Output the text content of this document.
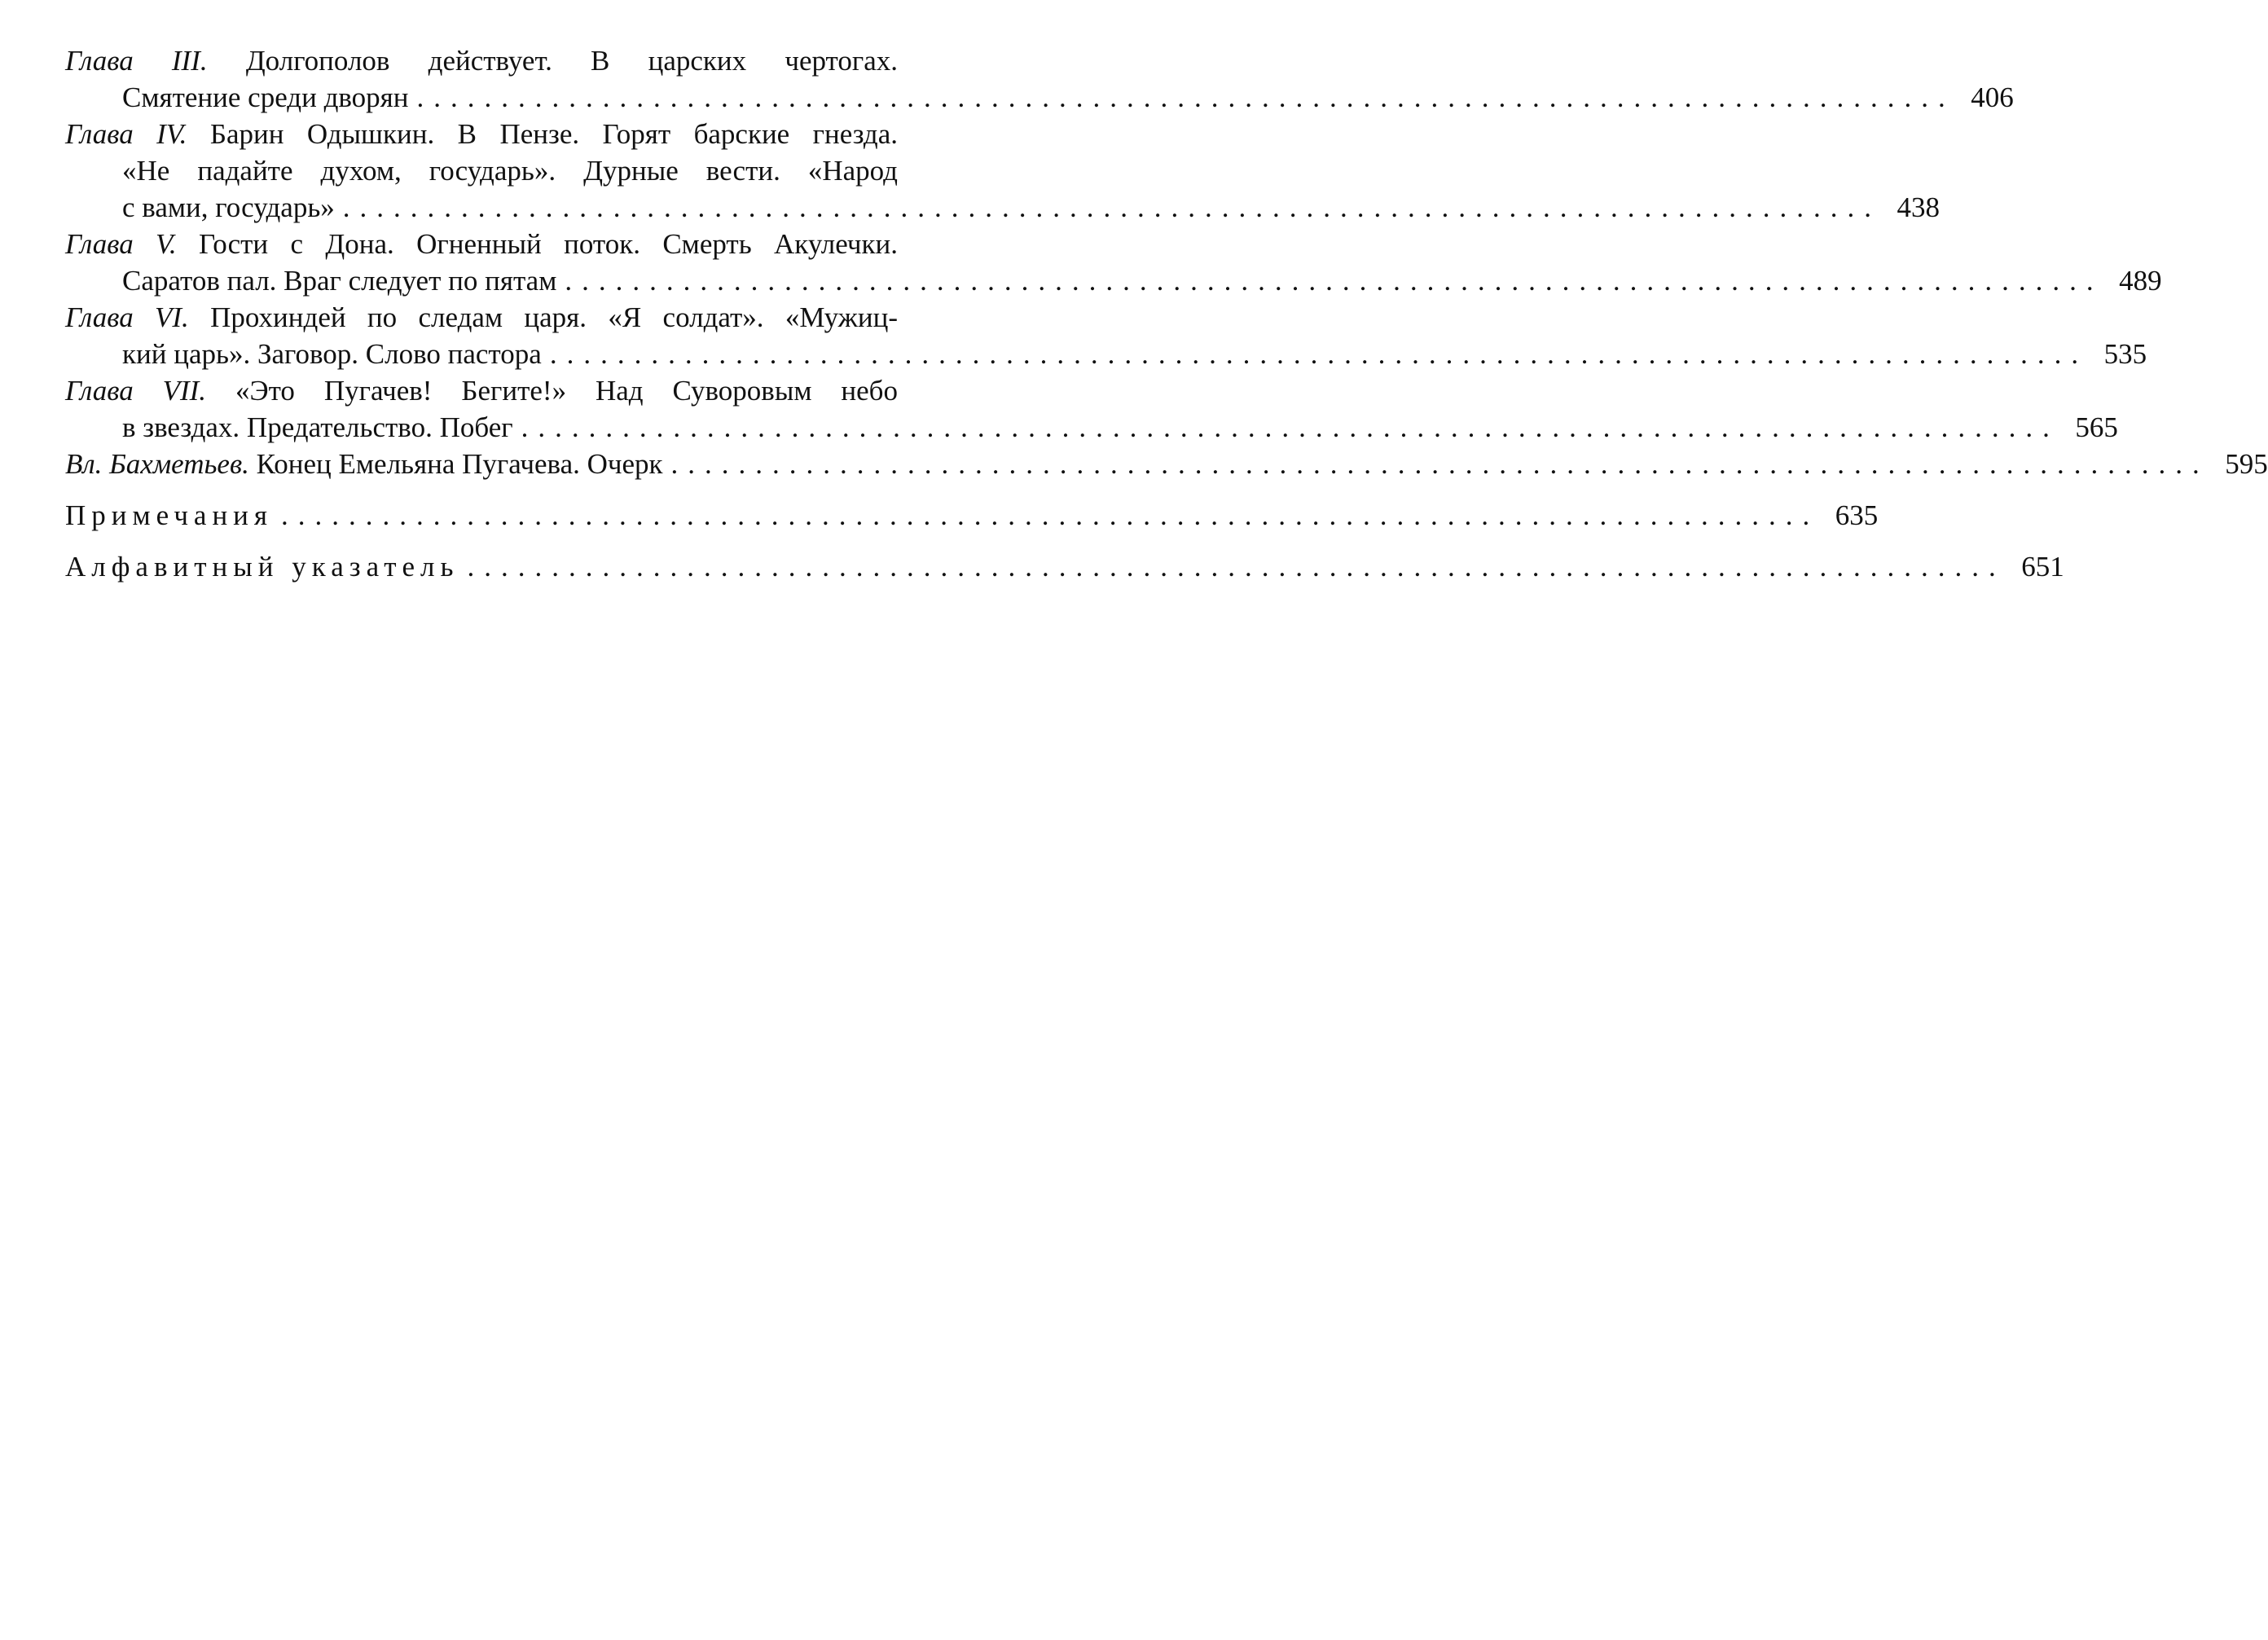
Глава III. Долгополов действует. В царских чертогах.
Смятение среди дворян ........................................................................................... 406
Глава IV. Барин Одышкин. В Пензе. Горят барские гнезда.
«Не падайте духом, государь». Дурные вести. «Народ
с вами, государь» ........................................................................................... 438
Глава V. Гости с Дона. Огненный поток. Смерть Акулечки.
Саратов пал. Враг следует по пятам ........................................................................................... 489
Глава VI. Прохиндей по следам царя. «Я солдат». «Мужиц-
кий царь». Заговор. Слово пастора ........................................................................................... 535
Глава VII. «Это Пугачев! Бегите!» Над Суворовым небо
в звездах. Предательство. Побег ........................................................................................... 565
Вл. Бахметьев. Конец Емельяна Пугачева. Очерк ........................................................................................... 595
Примечания ........................................................................................... 635
Алфавитный указатель ........................................................................................... 651
